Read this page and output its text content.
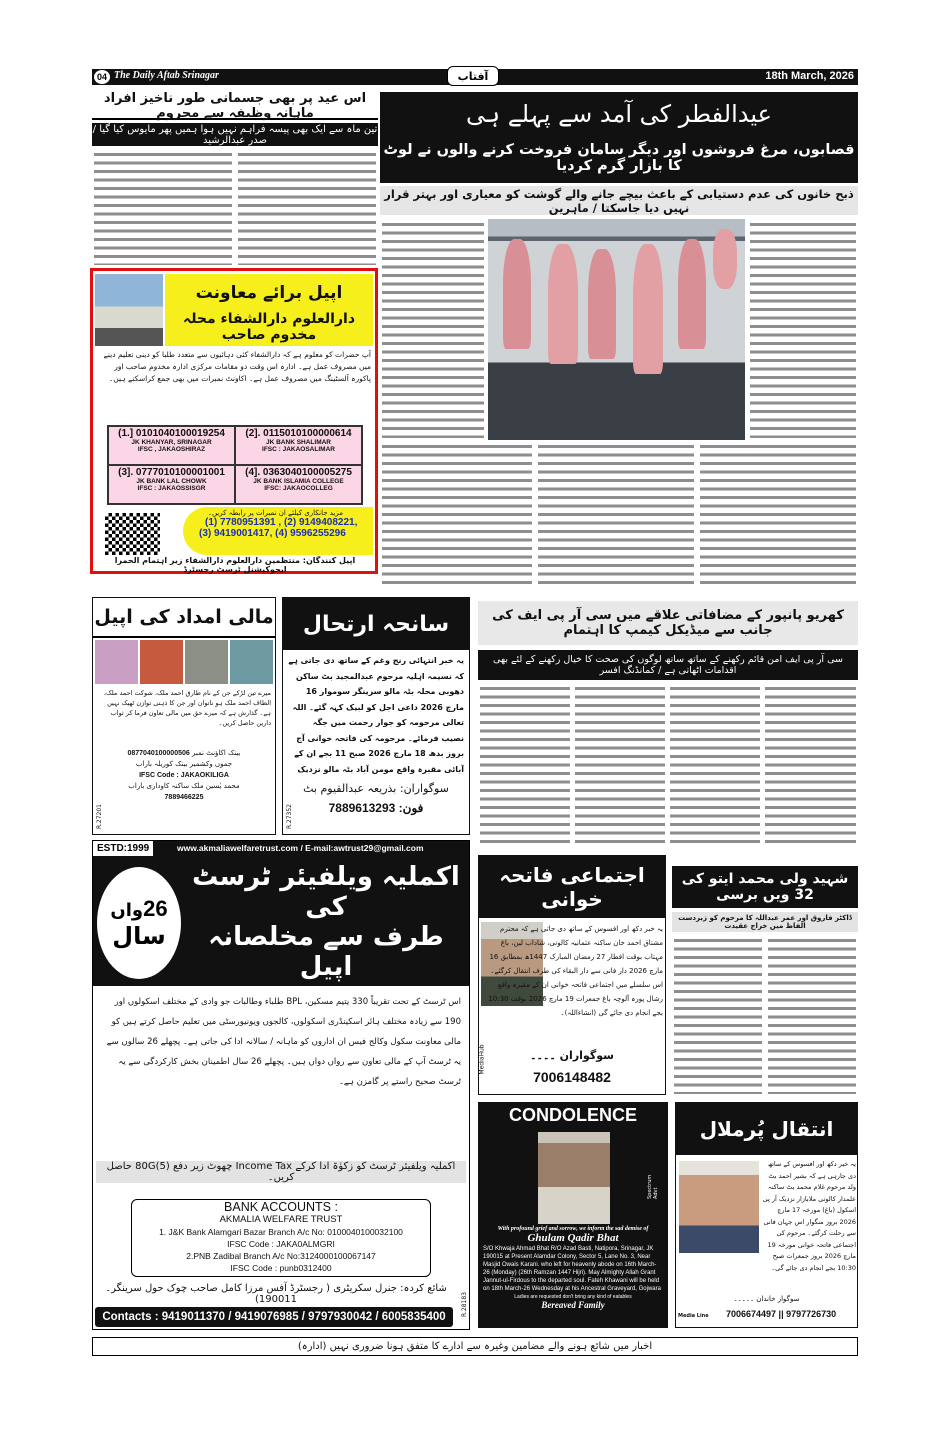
04 The Daily Aftab Srinagar	آفتاب	18th March, 2026
اس عید پر بھی جسمانی طور ناخیز افراد ماہانہ وظیفہ سے محروم
تین ماہ سے ایک بھی پیسہ فراہم نہیں ہوا ہمیں پھر مایوس کیا گیا / صدر عبدالرشید
اپیل برائے معاونت
دارالعلوم دارالشفاء محلہ مخدوم صاحب
آپ حضرات کو معلوم ہے کہ دارالشفاء کئی دہائیوں سے متعدد طلبا کو دینی تعلیم دینے میں مصروف عمل ہے۔ ادارہ اس وقت دو مقامات مرکزی ادارہ مخدوم صاحب اور پاکورہ آلسٹینگ میں مصروف عمل ہے۔ اکاونٹ نمبرات میں بھی جمع کراسکتے ہیں۔
(1.] 0101040100019254
JK KHANYAR, SRINAGAR
IFSC , JAKAOSHIRAZ
(2]. 0115010100000614
JK BANK SHALIMAR
IFSC : JAKAOSALIMAR
(3]. 0777010100001001
JK BANK LAL CHOWK
IFSC : JAKAOSSISGR
(4]. 0363040100005275
JK BANK ISLAMIA COLLEGE
IFSC: JAKAOCOLLEG
مزید جانکاری کیلئے ان نمبرات پر رابطہ کریں۔
(1) 7780951391 , (2) 9149408221,
(3) 9419001417, (4) 9596255296
اپیل کنندگان: منتظمین دارالعلوم دارالشفاء زیر اہتمام الحمرا ایجوکیشنل ٹرسٹ رجسٹرڈ
عیدالفطر کی آمد سے پہلے ہی
قصابوں، مرغ فروشوں اور دیگر سامان فروخت کرنے والوں نے لوٹ کا بازار گرم کردیا
ذبح خانوں کی عدم دستیابی کے باعث بیچے جانے والے گوشت کو معیاری اور بہتر قرار نہیں دیا جاسکتا / ماہرین
مالی امداد کی اپیل
میرے تین لڑکے جن کے نام طارق احمد ملک، شوکت احمد ملک، الطاف احمد ملک ہو ناتوان اور جن کا ذہنی توازن ٹھیک نہیں ہے۔ گذارش ہے کہ میرے حق میں مالی تعاون فرما کر ثواب دارین حاصل کریں۔
بینک اکاؤنٹ نمبر 0877040100000506
جموں وکشمیر بینک کوریلہ باراب
IFSC Code : JAKAOKILIGA
محمد یٰسین ملک ساکنہ کاوداری باراب
7889466225
R.27201
سانحہ ارتحال
یہ خبر انتہائی رنج وغم کے ساتھ دی جاتی ہے کہ نسیمہ اہلیہ مرحوم عبدالمجید بٹ ساکن دھوبی محلہ بٹہ مالو سرینگر سوموار 16 مارچ 2026 داعی اجل کو لبیک کہہ گئے۔ اللہ تعالی مرحومہ کو جوار رحمت میں جگہ نصیب فرمائے۔ مرحومہ کی فاتحہ خوانی آج بروز بدھ 18 مارچ 2026 صبح 11 بجے ان کے آبائی مقبرہ واقع مومن آباد بٹہ مالو نزدیک
سوگواران: بذریعہ عبدالقیوم بٹ
فون: 7889613293
R.27352
کھریو پانپور کے مضافاتی علاقے میں سی آر پی ایف کی جانب سے میڈیکل کیمپ کا اہتمام
سی آر پی ایف امن قائم رکھنے کے ساتھ ساتھ لوگوں کی صحت کا خیال رکھنے کے لئے بھی اقدامات اٹھاتی ہے / کمانڈنگ افسر
ESTD:1999	www.akmaliawelfaretrust.com / E-mail:awtrust29@gmail.com
26واں
سال
اکملیہ ویلفیئر ٹرسٹ کی
طرف سے مخلصانہ اپیل
اس ٹرسٹ کے تحت تقریباً 330 یتیم مسکین، BPL طلباء وطالبات جو وادی کے مختلف اسکولوں اور 190 سے زیادہ مختلف ہائر اسکینڈری اسکولوں، کالجوں ویونیورسٹی میں تعلیم حاصل کرتے ہیں کو مالی معاونت سکول وکالج فیس ان اداروں کو ماہانہ / سالانہ ادا کی جاتی ہے۔ پچھلے 26 سالوں سے یہ ٹرسٹ آپ کے مالی تعاون سے رواں دواں ہیں۔ پچھلے 26 سال اطمینان بخش کارکردگی سے یہ ٹرسٹ صحیح راستے پر گامزن ہے۔
اکملیہ ویلفیئر ٹرسٹ کو زکوٰۃ ادا کرکے Income Tax چھوٹ زیر دفع (5)80G حاصل کریں۔
BANK ACCOUNTS :
AKMALIA WELFARE TRUST
1. J&K Bank Alamgari Bazar Branch A/c No: 0100040100032100
IFSC Code : JAKA0ALMGRI
2.PNB Zadibal Branch A/c No:3124000100067147
IFSC Code : punb0312400
شائع کردہ: جنرل سکریٹری ( رجسٹرڈ آفس مرزا کامل صاحب چوک حول سرینگر۔190011)
Contacts : 9419011370 / 9419076985 / 9797930042 / 6005835400
R.28183
اجتماعی فاتحہ خوانی
یہ خبر دکھ اور افسوس کے ساتھ دی جاتی ہے کہ محترم مشتاق احمد خان ساکنہ عثمانیہ کالونی، شاداب لین، باغ مہتاب بوقت افطار 27 رمضان المبارک 1447ھ بمطابق 16 مارچ 2026 دار فانی سے دار البقاء کی طرف انتقال کرگئے۔ اس سلسلے میں اجتماعی فاتحہ خوانی ان کے مقبرہ واقع رشال پورہ آلوچہ باغ جمعرات 19 مارچ 2026 بوقت 10:30 بجے انجام دی جائے گی (انشاءاللہ)۔
سوگواران ۔۔۔۔
7006148482
MediaHub
شہید ولی محمد ایتو کی 32 ویں برسی
ڈاکٹر فاروق اور عمر عبداللہ کا مرحوم کو زبردست الفاظ میں خراج عقیدت
CONDOLENCE
Spectrum Advt
With profound grief and sorrow, we inform the sad demise of
Ghulam Qadir Bhat
S/O Khwaja Ahmad Bhat R/O Azad Basti, Natipora, Srinagar, JK 190015 at Present Alamdar Colony, Sector 5, Lane No. 3, Near Masjid Owais Karani. who left for heavenly abode on 16th March-26 (Monday) (26th Ramzan 1447 Hijri). May Almighty Allah Grant Jannut-ul-Firdous to the departed soul. Fateh Khawani will be held on 18th March-26 Wednesday at his Ancestral Graveyard, Gojwara
Ladies are requested don't bring any kind of eatables
Bereaved Family
انتقال پُرملال
یہ خبر دکھ اور افسوس کے ساتھ دی جارہی ہے کہ بشیر احمد بٹ ولد مرحوم غلام محمد بٹ ساکنہ علمدار کالونی ملابازار نزدیک آر پی اسکول (باغ) مورخہ 17 مارچ 2026 بروز منگوار اس جہان فانی سے رحلت کرگئے۔ مرحوم کی اجتماعی فاتحہ خوانی مورخہ 19 مارچ 2026 بروز جمعرات صبح 10:30 بجے انجام دی جائے گی۔
سوگوار خاندان ۔۔۔۔۔
7006674497 || 9797726730
Media Line
اخبار میں شائع ہونے والے مضامین وغیرہ سے ادارے کا متفق ہونا ضروری نہیں (ادارہ)
